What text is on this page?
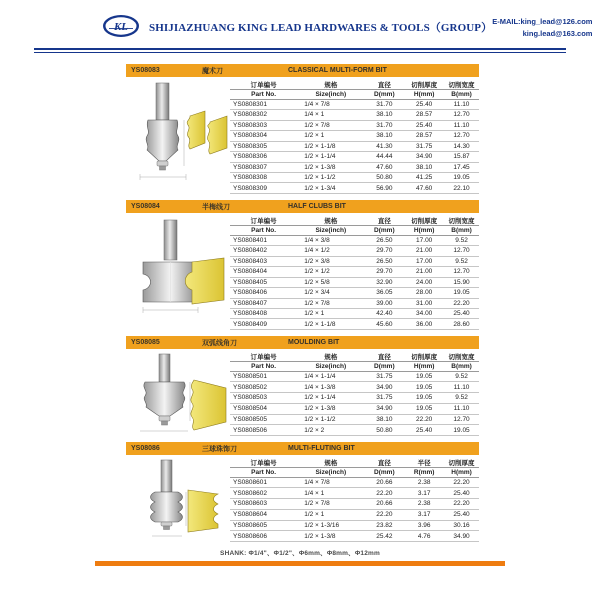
KL SHIJIAZHUANG KING LEAD HARDWARES & TOOLS（GROUP）
E-MAIL:king_lead@126.com
king.lead@163.com
YS08083	魔术刀	CLASSICAL MULTI-FORM BIT
订单编号	规格	直径	切削厚度	切削宽度
Part No.	Size(inch)	D(mm)	H(mm)	B(mm)
YS0808301	1/4 × 7/8	31.70	25.40	11.10
YS0808302	1/4 × 1	38.10	28.57	12.70
YS0808303	1/2 × 7/8	31.70	25.40	11.10
YS0808304	1/2 × 1	38.10	28.57	12.70
YS0808305	1/2 × 1-1/8	41.30	31.75	14.30
YS0808306	1/2 × 1-1/4	44.44	34.90	15.87
YS0808307	1/2 × 1-3/8	47.60	38.10	17.45
YS0808308	1/2 × 1-1/2	50.80	41.25	19.05
YS0808309	1/2 × 1-3/4	56.90	47.60	22.10
YS08084	半梅线刀	HALF CLUBS BIT
订单编号	规格	直径	切削厚度	切削宽度
Part No.	Size(inch)	D(mm)	H(mm)	B(mm)
YS0808401	1/4 × 3/8	26.50	17.00	9.52
YS0808402	1/4 × 1/2	29.70	21.00	12.70
YS0808403	1/2 × 3/8	26.50	17.00	9.52
YS0808404	1/2 × 1/2	29.70	21.00	12.70
YS0808405	1/2 × 5/8	32.90	24.00	15.90
YS0808406	1/2 × 3/4	36.05	28.00	19.05
YS0808407	1/2 × 7/8	39.00	31.00	22.20
YS0808408	1/2 × 1	42.40	34.00	25.40
YS0808409	1/2 × 1-1/8	45.60	36.00	28.60
YS08085	双弧线角刀	MOULDING BIT
订单编号	规格	直径	切削厚度	切削宽度
Part No.	Size(inch)	D(mm)	H(mm)	B(mm)
YS0808501	1/4 × 1-1/4	31.75	19.05	9.52
YS0808502	1/4 × 1-3/8	34.90	19.05	11.10
YS0808503	1/2 × 1-1/4	31.75	19.05	9.52
YS0808504	1/2 × 1-3/8	34.90	19.05	11.10
YS0808505	1/2 × 1-1/2	38.10	22.20	12.70
YS0808506	1/2 × 2	50.80	25.40	19.05
YS08086	三球珠饰刀	MULTI-FLUTING BIT
订单编号	规格	直径	半径	切削厚度
Part No.	Size(inch)	D(mm)	R(mm)	H(mm)
YS0808601	1/4 × 7/8	20.66	2.38	22.20
YS0808602	1/4 × 1	22.20	3.17	25.40
YS0808603	1/2 × 7/8	20.66	2.38	22.20
YS0808604	1/2 × 1	22.20	3.17	25.40
YS0808605	1/2 × 1-3/16	23.82	3.96	30.16
YS0808606	1/2 × 1-3/8	25.42	4.76	34.90
SHANK: Φ1/4"、Φ1/2"、Φ6mm、Φ8mm、Φ12mm
